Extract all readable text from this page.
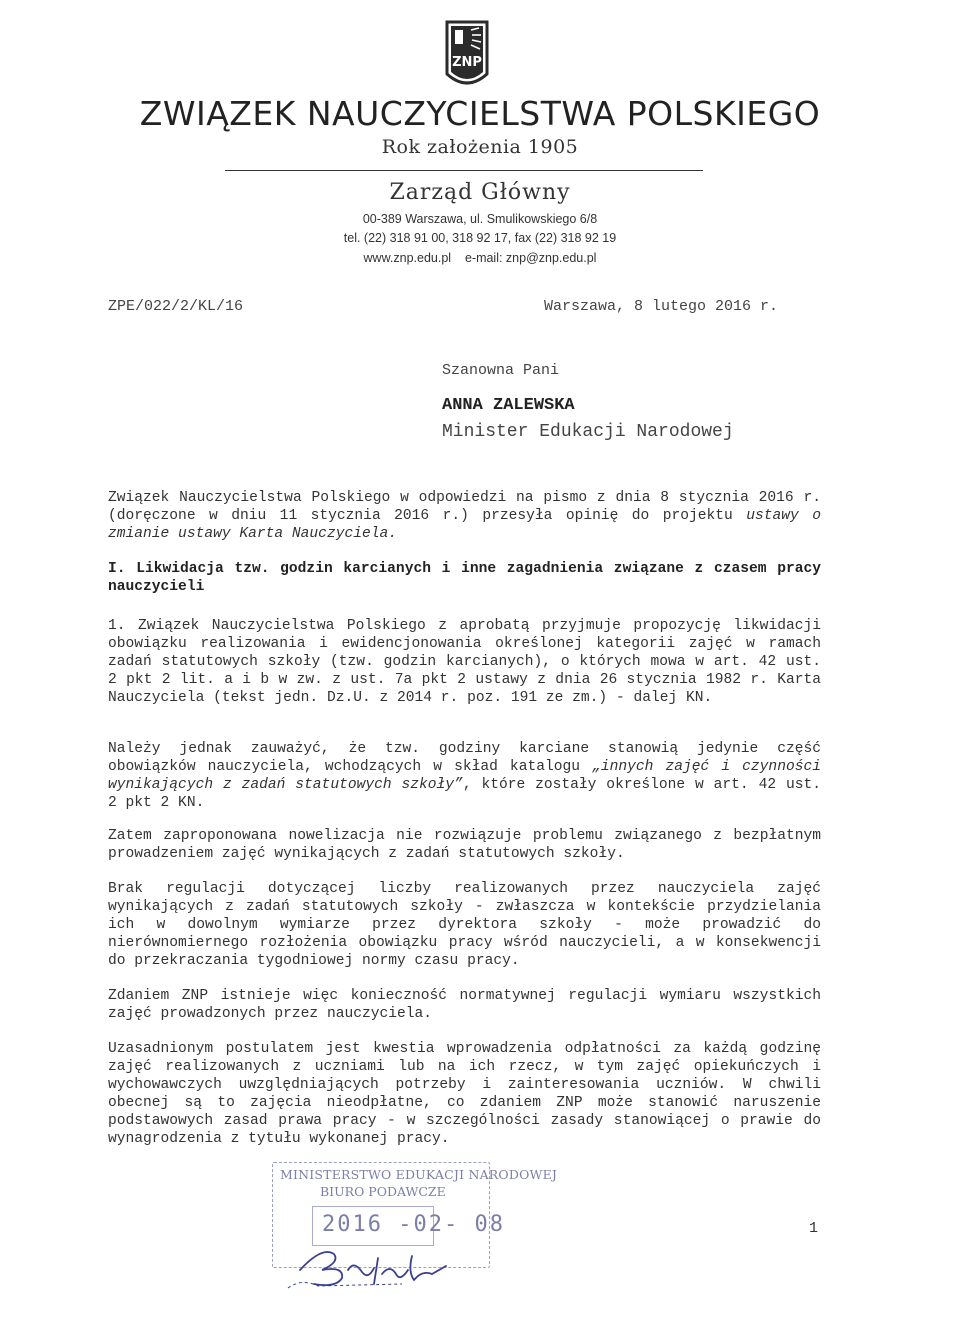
ZNP
ZWIĄZEK NAUCZYCIELSTWA POLSKIEGO
Rok założenia 1905
Zarząd Główny
00-389 Warszawa, ul. Smulikowskiego 6/8
tel. (22) 318 91 00, 318 92 17, fax (22) 318 92 19
www.znp.edu.pl    e-mail: znp@znp.edu.pl
ZPE/022/2/KL/16	Warszawa, 8 lutego 2016 r.
Szanowna Pani
ANNA ZALEWSKA
Minister Edukacji Narodowej

Związek Nauczycielstwa Polskiego w odpowiedzi na pismo z dnia 8 stycznia 2016 r. (doręczone w dniu 11 stycznia 2016 r.) przesyła opinię do projektu ustawy o zmianie ustawy Karta Nauczyciela.

I. Likwidacja tzw. godzin karcianych i inne zagadnienia związane z czasem pracy nauczycieli

1. Związek Nauczycielstwa Polskiego z aprobatą przyjmuje propozycję likwidacji obowiązku realizowania i ewidencjonowania określonej kategorii zajęć w ramach zadań statutowych szkoły (tzw. godzin karcianych), o których mowa w art. 42 ust. 2 pkt 2 lit. a i b w zw. z ust. 7a pkt 2 ustawy z dnia 26 stycznia 1982 r. Karta Nauczyciela (tekst jedn. Dz.U. z 2014 r. poz. 191 ze zm.) - dalej KN.

Należy jednak zauważyć, że tzw. godziny karciane stanowią jedynie część obowiązków nauczyciela, wchodzących w skład katalogu „innych zajęć i czynności wynikających z zadań statutowych szkoły”, które zostały określone w art. 42 ust. 2 pkt 2 KN.

Zatem zaproponowana nowelizacja nie rozwiązuje problemu związanego z bezpłatnym prowadzeniem zajęć wynikających z zadań statutowych szkoły.

Brak regulacji dotyczącej liczby realizowanych przez nauczyciela zajęć wynikających z zadań statutowych szkoły - zwłaszcza w kontekście przydzielania ich w dowolnym wymiarze przez dyrektora szkoły - może prowadzić do nierównomiernego rozłożenia obowiązku pracy wśród nauczycieli, a w konsekwencji do przekraczania tygodniowej normy czasu pracy.

Zdaniem ZNP istnieje więc konieczność normatywnej regulacji wymiaru wszystkich zajęć prowadzonych przez nauczyciela.

Uzasadnionym postulatem jest kwestia wprowadzenia odpłatności za każdą godzinę zajęć realizowanych z uczniami lub na ich rzecz, w tym zajęć opiekuńczych i wychowawczych uwzględniających potrzeby i zainteresowania uczniów. W chwili obecnej są to zajęcia nieodpłatne, co zdaniem ZNP może stanowić naruszenie podstawowych zasad prawa pracy - w szczególności zasady stanowiącej o prawie do wynagrodzenia z tytułu wykonanej pracy.

MINISTERSTWO EDUKACJI NARODOWEJ
BIURO PODAWCZE
2016 -02- 08	1
